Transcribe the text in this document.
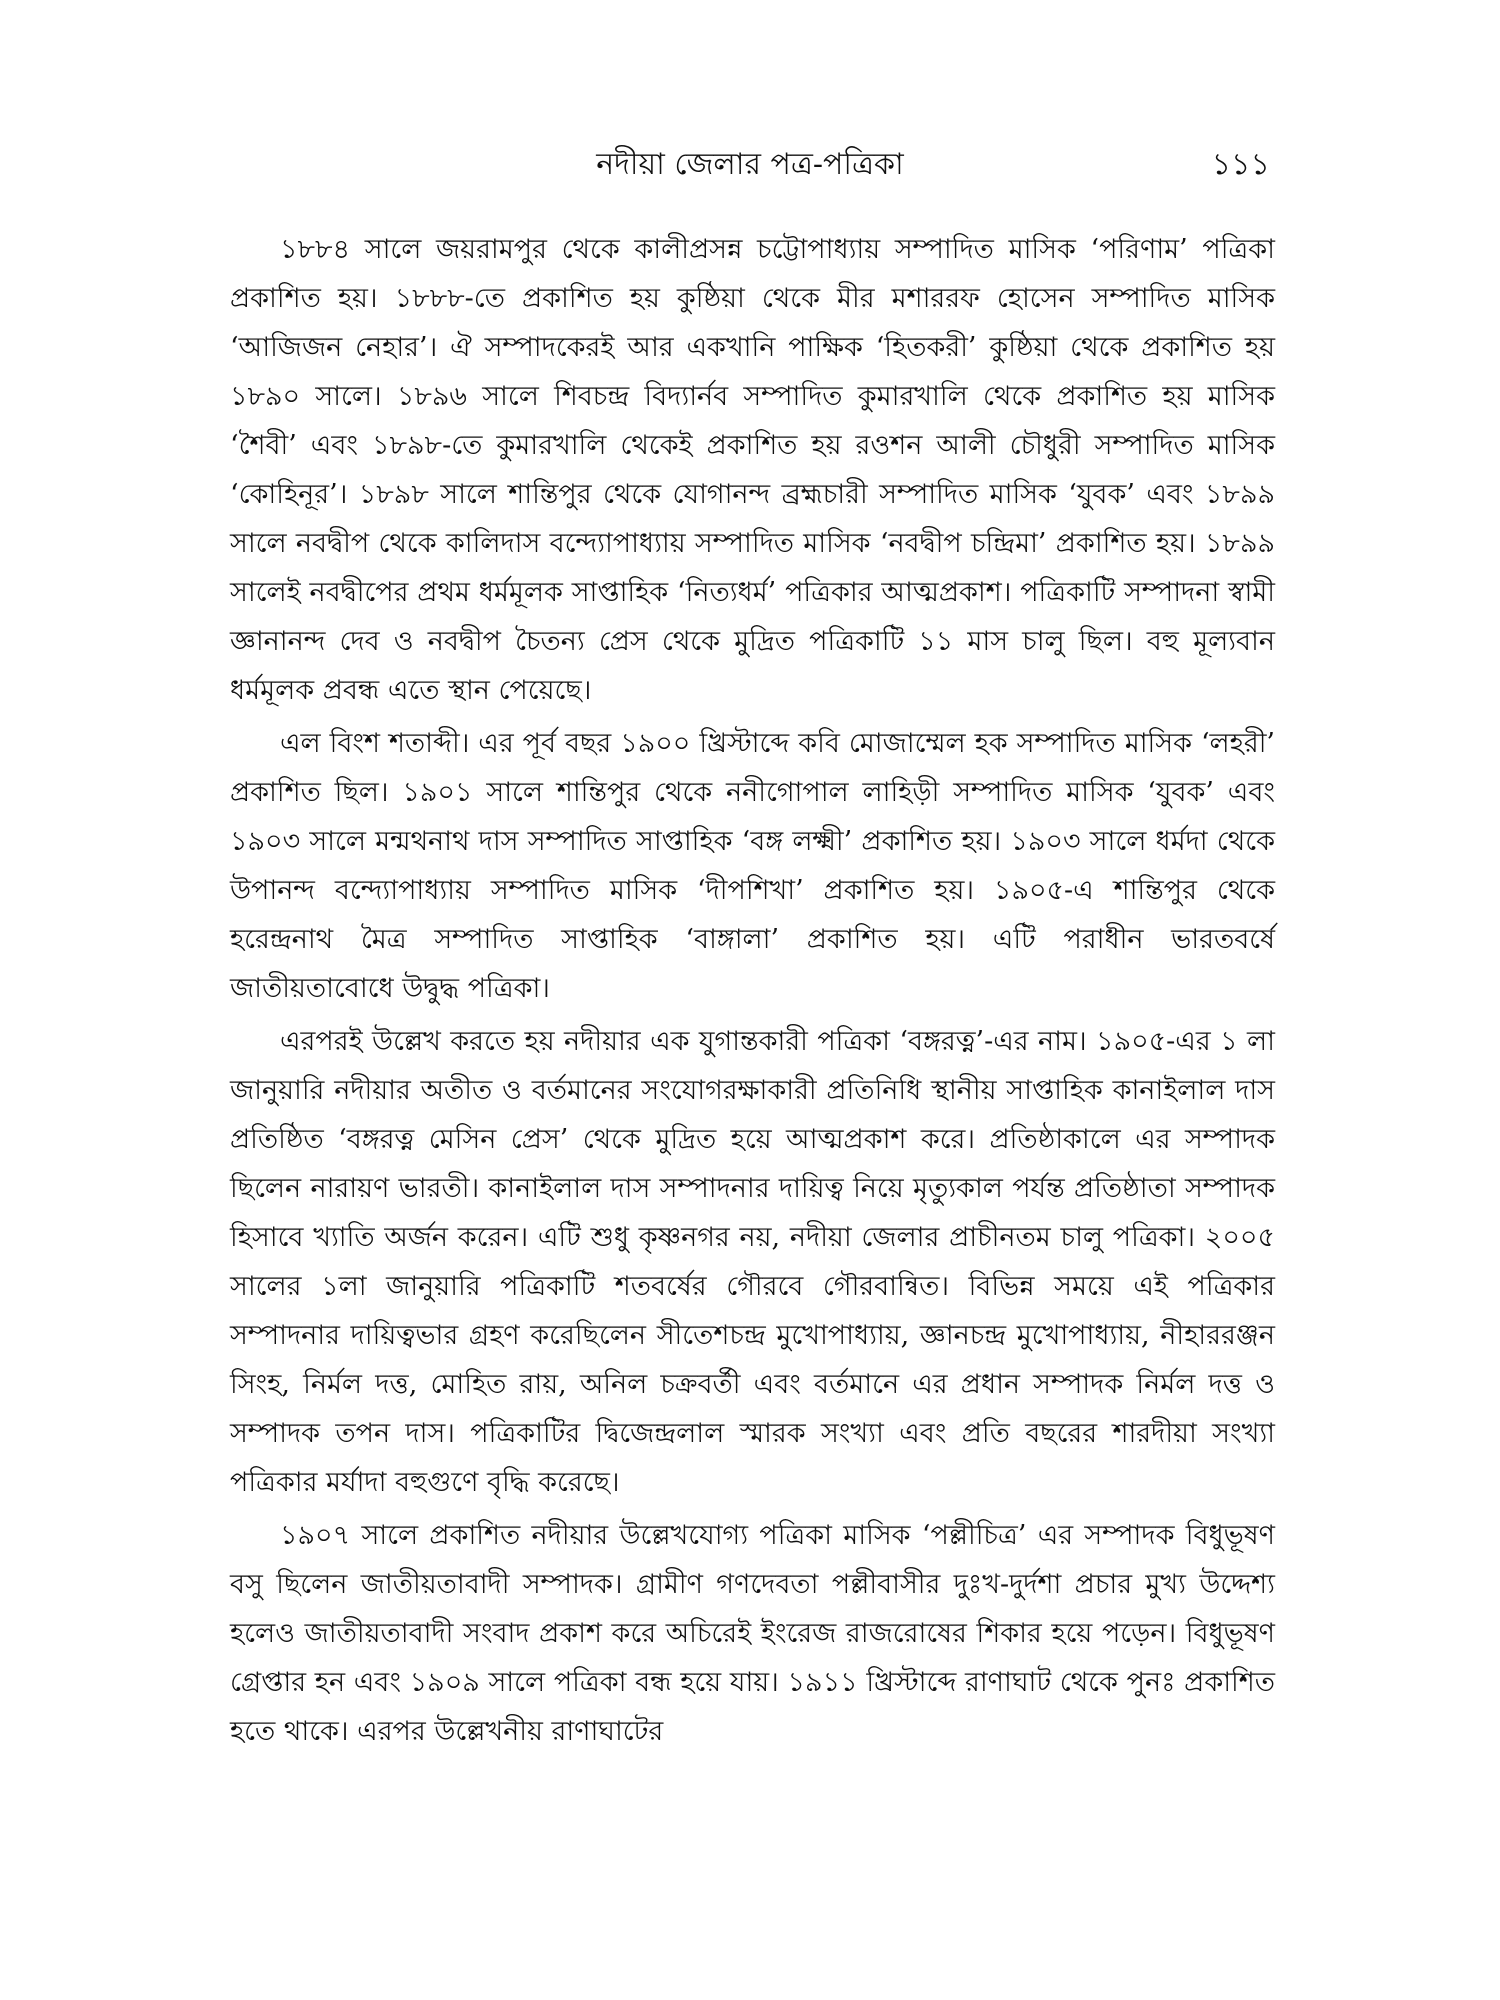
নদীয়া জেলার পত্র-পত্রিকা	১১১

১৮৮৪ সালে জয়রামপুর থেকে কালীপ্রসন্ন চট্টোপাধ্যায় সম্পাদিত মাসিক ‘পরিণাম’ পত্রিকা প্রকাশিত হয়। ১৮৮৮-তে প্রকাশিত হয় কুষ্ঠিয়া থেকে মীর মশাররফ হোসেন সম্পাদিত মাসিক ‘আজিজন নেহার’। ঐ সম্পাদকেরই আর একখানি পাক্ষিক ‘হিতকরী’ কুষ্ঠিয়া থেকে প্রকাশিত হয় ১৮৯০ সালে। ১৮৯৬ সালে শিবচন্দ্র বিদ্যার্নব সম্পাদিত কুমারখালি থেকে প্রকাশিত হয় মাসিক ‘শৈবী’ এবং ১৮৯৮-তে কুমারখালি থেকেই প্রকাশিত হয় রওশন আলী চৌধুরী সম্পাদিত মাসিক ‘কোহিনূর’। ১৮৯৮ সালে শান্তিপুর থেকে যোগানন্দ ব্রহ্মচারী সম্পাদিত মাসিক ‘যুবক’ এবং ১৮৯৯ সালে নবদ্বীপ থেকে কালিদাস বন্দ্যোপাধ্যায় সম্পাদিত মাসিক ‘নবদ্বীপ চন্দ্রিমা’ প্রকাশিত হয়। ১৮৯৯ সালেই নবদ্বীপের প্রথম ধর্মমূলক সাপ্তাহিক ‘নিত্যধর্ম’ পত্রিকার আত্মপ্রকাশ। পত্রিকাটি সম্পাদনা স্বামী জ্ঞানানন্দ দেব ও নবদ্বীপ চৈতন্য প্রেস থেকে মুদ্রিত পত্রিকাটি ১১ মাস চালু ছিল। বহু মূল্যবান ধর্মমূলক প্রবন্ধ এতে স্থান পেয়েছে।

এল বিংশ শতাব্দী। এর পূর্ব বছর ১৯০০ খ্রিস্টাব্দে কবি মোজাম্মেল হক সম্পাদিত মাসিক ‘লহরী’ প্রকাশিত ছিল। ১৯০১ সালে শান্তিপুর থেকে ননীগোপাল লাহিড়ী সম্পাদিত মাসিক ‘যুবক’ এবং ১৯০৩ সালে মন্মথনাথ দাস সম্পাদিত সাপ্তাহিক ‘বঙ্গ লক্ষ্মী’ প্রকাশিত হয়। ১৯০৩ সালে ধর্মদা থেকে উপানন্দ বন্দ্যোপাধ্যায় সম্পাদিত মাসিক ‘দীপশিখা’ প্রকাশিত হয়। ১৯০৫-এ শান্তিপুর থেকে হরেন্দ্রনাথ মৈত্র সম্পাদিত সাপ্তাহিক ‘বাঙ্গালা’ প্রকাশিত হয়। এটি পরাধীন ভারতবর্ষে জাতীয়তাবোধে উদ্বুদ্ধ পত্রিকা।

এরপরই উল্লেখ করতে হয় নদীয়ার এক যুগান্তকারী পত্রিকা ‘বঙ্গরত্ন’-এর নাম। ১৯০৫-এর ১ লা জানুয়ারি নদীয়ার অতীত ও বর্তমানের সংযোগরক্ষাকারী প্রতিনিধি স্থানীয় সাপ্তাহিক কানাইলাল দাস প্রতিষ্ঠিত ‘বঙ্গরত্ন মেসিন প্রেস’ থেকে মুদ্রিত হয়ে আত্মপ্রকাশ করে। প্রতিষ্ঠাকালে এর সম্পাদক ছিলেন নারায়ণ ভারতী। কানাইলাল দাস সম্পাদনার দায়িত্ব নিয়ে মৃত্যুকাল পর্যন্ত প্রতিষ্ঠাতা সম্পাদক হিসাবে খ্যাতি অর্জন করেন। এটি শুধু কৃষ্ণনগর নয়, নদীয়া জেলার প্রাচীনতম চালু পত্রিকা। ২০০৫ সালের ১লা জানুয়ারি পত্রিকাটি শতবর্ষের গৌরবে গৌরবান্বিত। বিভিন্ন সময়ে এই পত্রিকার সম্পাদনার দায়িত্বভার গ্রহণ করেছিলেন সীতেশচন্দ্র মুখোপাধ্যায়, জ্ঞানচন্দ্র মুখোপাধ্যায়, নীহাররঞ্জন সিংহ, নির্মল দত্ত, মোহিত রায়, অনিল চক্রবর্তী এবং বর্তমানে এর প্রধান সম্পাদক নির্মল দত্ত ও সম্পাদক তপন দাস। পত্রিকাটির দ্বিজেন্দ্রলাল স্মারক সংখ্যা এবং প্রতি বছরের শারদীয়া সংখ্যা পত্রিকার মর্যাদা বহুগুণে বৃদ্ধি করেছে।

১৯০৭ সালে প্রকাশিত নদীয়ার উল্লেখযোগ্য পত্রিকা মাসিক ‘পল্লীচিত্র’ এর সম্পাদক বিধুভূষণ বসু ছিলেন জাতীয়তাবাদী সম্পাদক। গ্রামীণ গণদেবতা পল্লীবাসীর দুঃখ-দুর্দশা প্রচার মুখ্য উদ্দেশ্য হলেও জাতীয়তাবাদী সংবাদ প্রকাশ করে অচিরেই ইংরেজ রাজরোষের শিকার হয়ে পড়েন। বিধুভূষণ গ্রেপ্তার হন এবং ১৯০৯ সালে পত্রিকা বন্ধ হয়ে যায়। ১৯১১ খ্রিস্টাব্দে রাণাঘাট থেকে পুনঃ প্রকাশিত হতে থাকে। এরপর উল্লেখনীয় রাণাঘাটের
